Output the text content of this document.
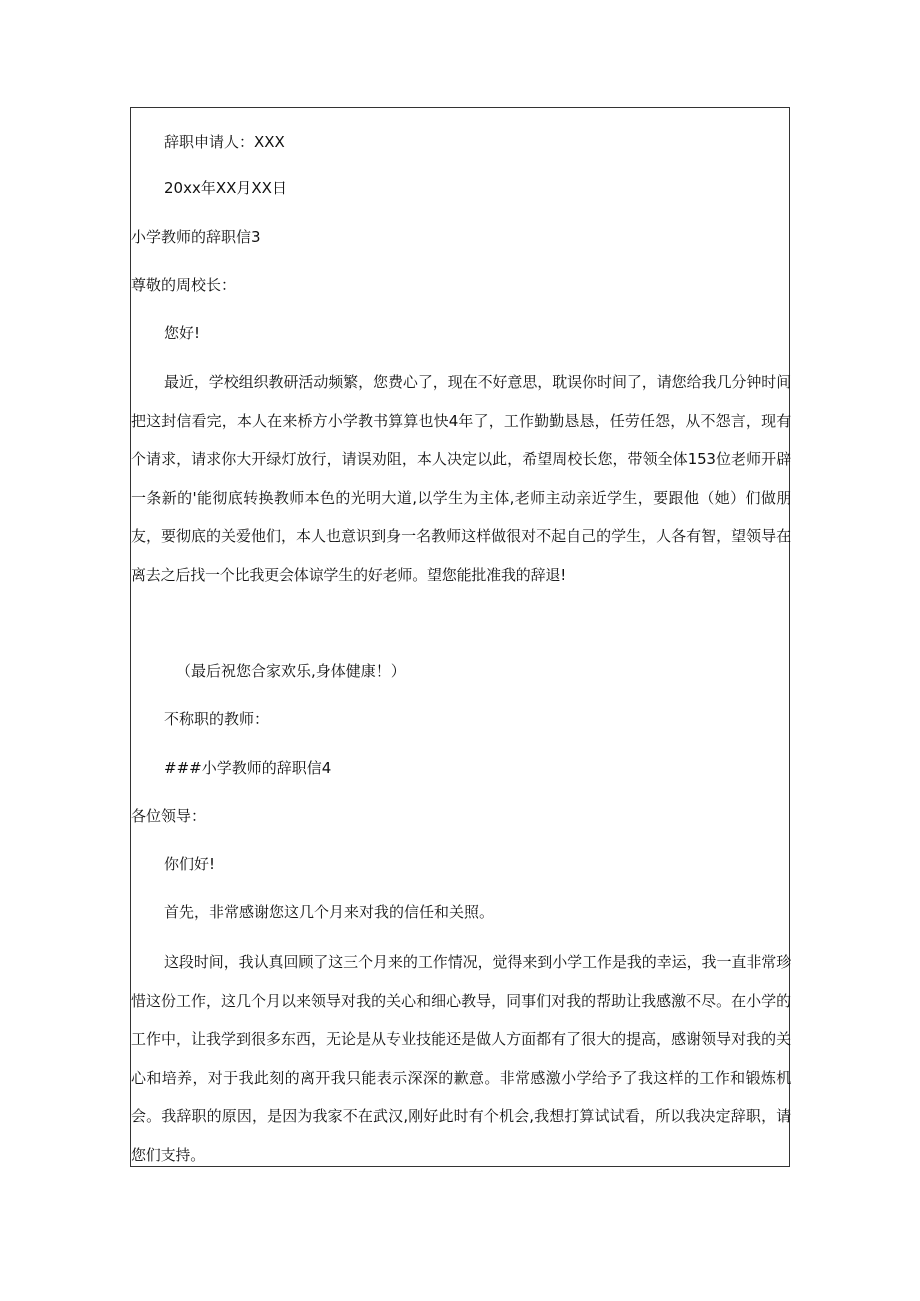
辞职申请人：XXX

20xx年XX月XX日

小学教师的辞职信3

尊敬的周校长：

您好!

最近，学校组织教研活动频繁，您费心了，现在不好意思，耽误你时间了，请您给我几分钟时间把这封信看完，本人在来桥方小学教书算算也快4年了，工作勤勤恳恳，任劳任怨，从不怨言，现有个请求，请求你大开绿灯放行，请误劝阻，本人决定以此，希望周校长您，带领全体153位老师开辟一条新的'能彻底转换教师本色的光明大道,以学生为主体,老师主动亲近学生，要跟他（她）们做朋友，要彻底的关爱他们，本人也意识到身一名教师这样做很对不起自己的学生，人各有智，望领导在离去之后找一个比我更会体谅学生的好老师。望您能批准我的辞退!

（最后祝您合家欢乐,身体健康！）

不称职的教师：

###小学教师的辞职信4

各位领导：

你们好!

首先，非常感谢您这几个月来对我的信任和关照。

这段时间，我认真回顾了这三个月来的工作情况，觉得来到小学工作是我的幸运，我一直非常珍惜这份工作，这几个月以来领导对我的关心和细心教导，同事们对我的帮助让我感激不尽。在小学的工作中，让我学到很多东西，无论是从专业技能还是做人方面都有了很大的提高，感谢领导对我的关心和培养，对于我此刻的离开我只能表示深深的歉意。非常感激小学给予了我这样的工作和锻炼机会。我辞职的原因，是因为我家不在武汉,刚好此时有个机会,我想打算试试看，所以我决定辞职，请您们支持。
